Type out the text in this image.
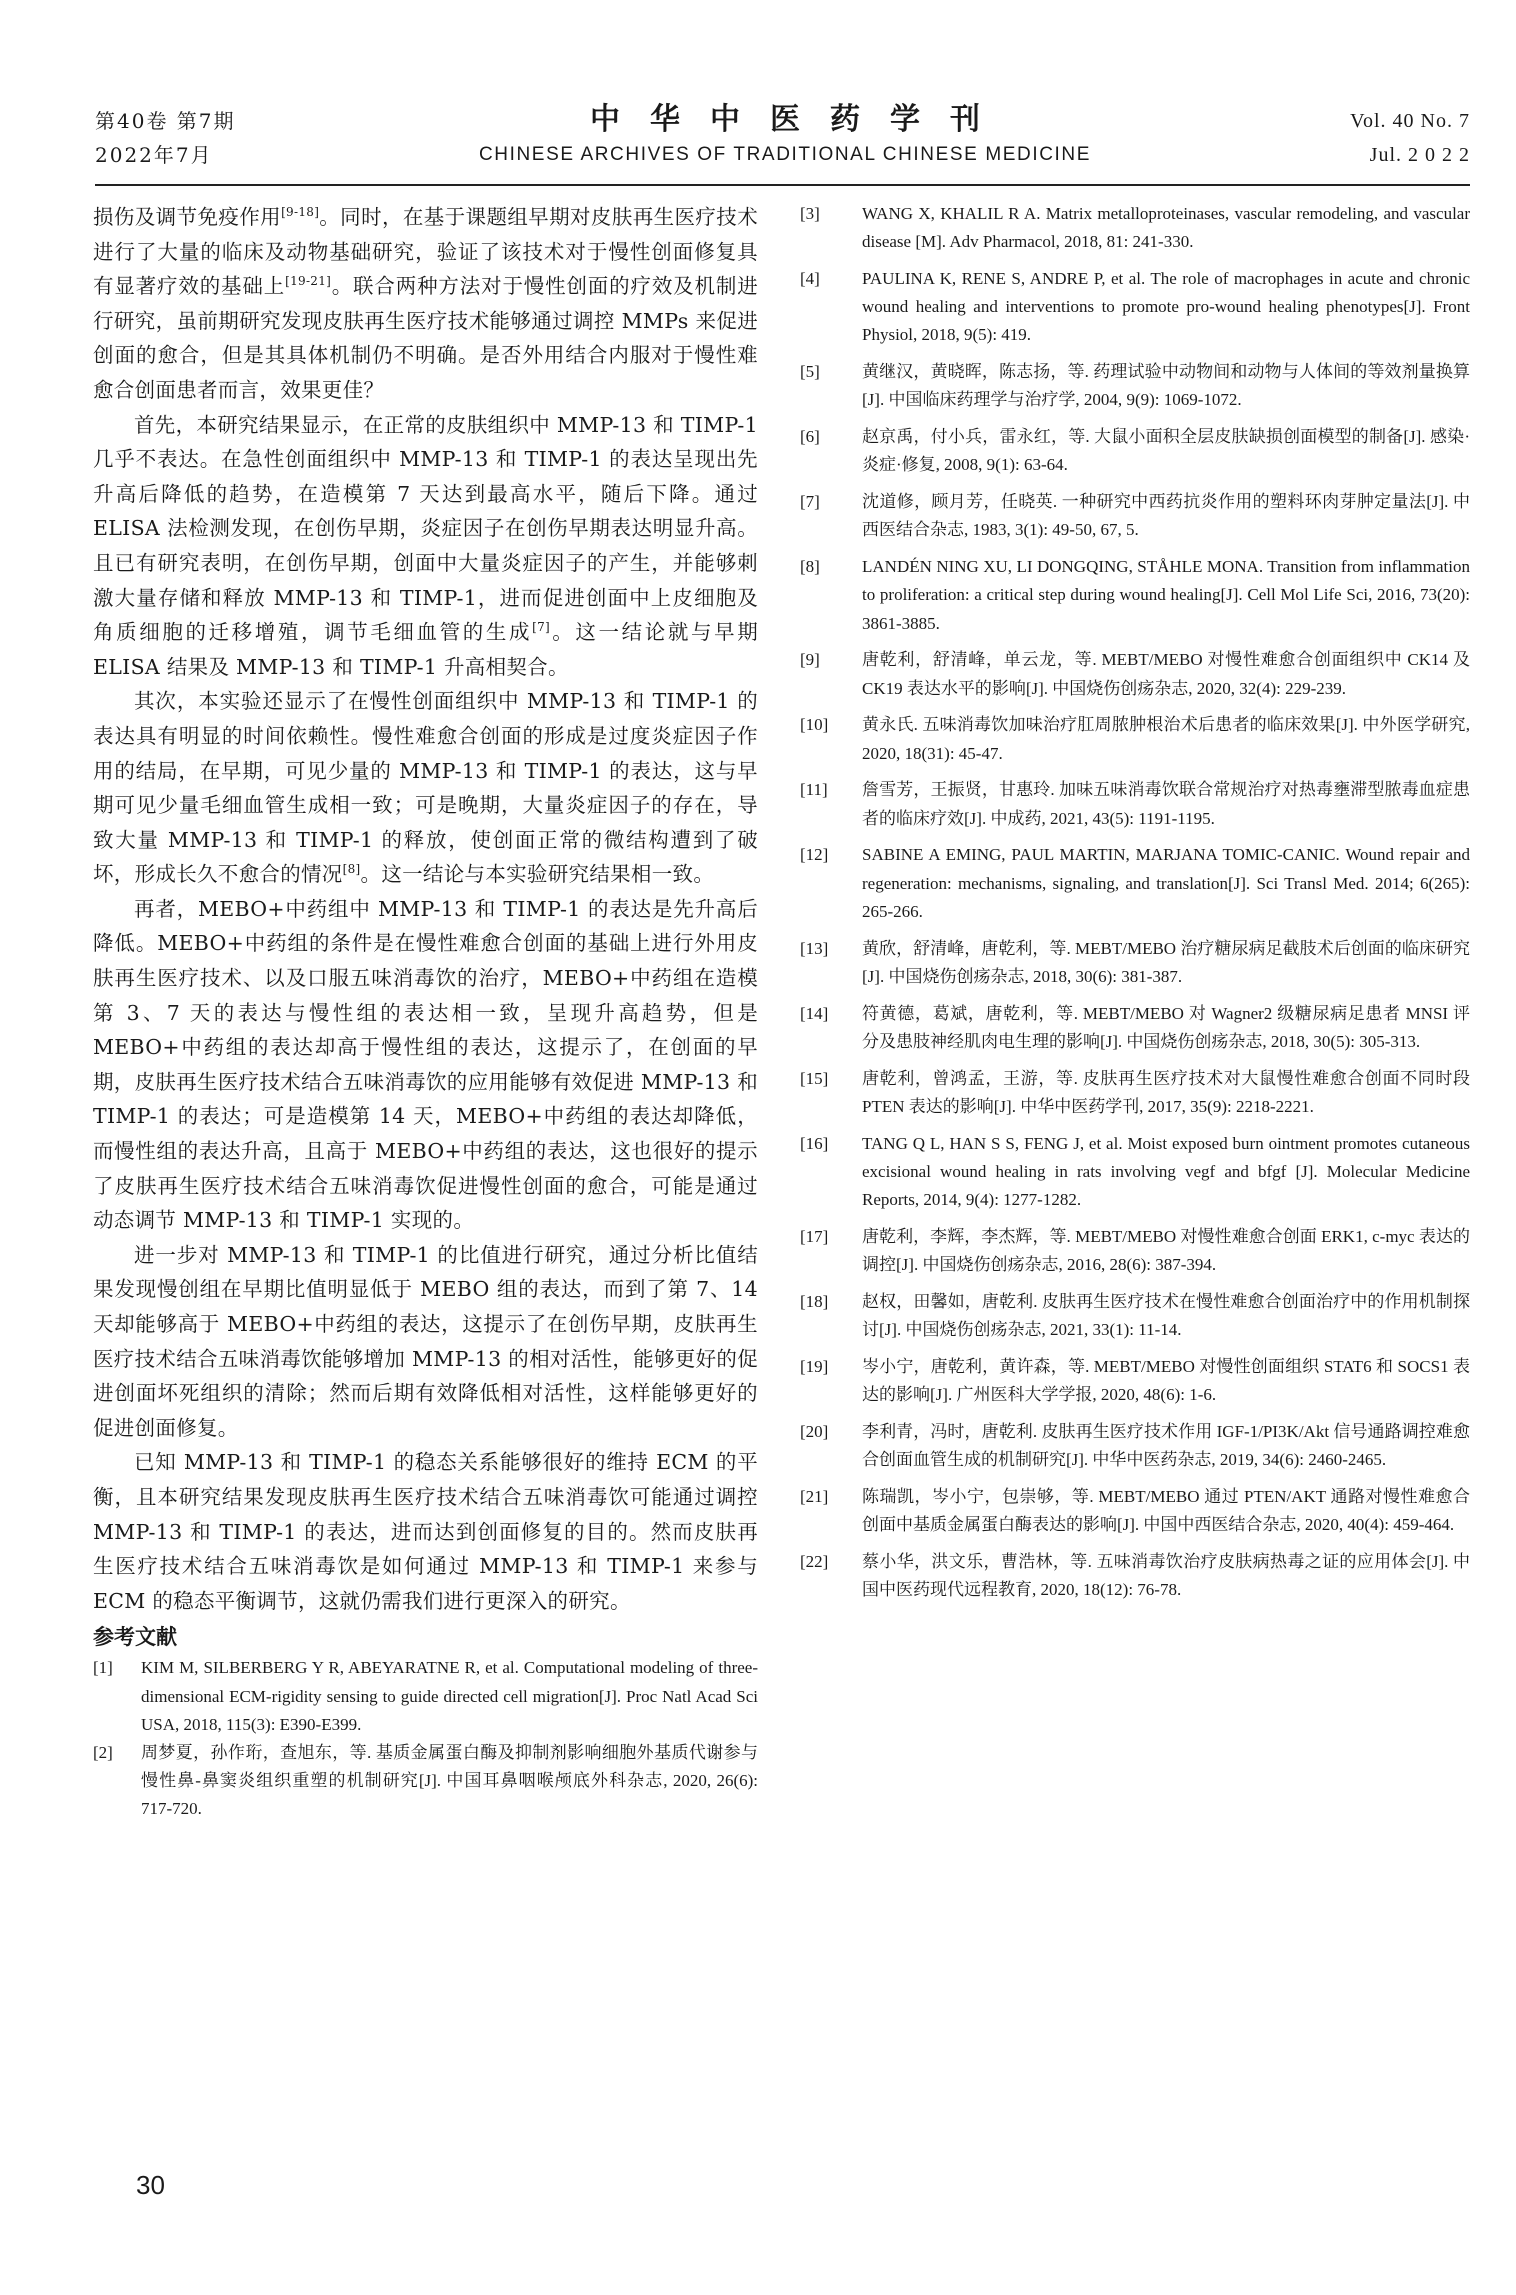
第40卷 第7期
2022年7月
中华中医药学刊
CHINESE ARCHIVES OF TRADITIONAL CHINESE MEDICINE
Vol. 40 No. 7
Jul. 2 0 2 2

损伤及调节免疫作用[9-18]。同时，在基于课题组早期对皮肤再生医疗技术进行了大量的临床及动物基础研究，验证了该技术对于慢性创面修复具有显著疗效的基础上[19-21]。联合两种方法对于慢性创面的疗效及机制进行研究，虽前期研究发现皮肤再生医疗技术能够通过调控 MMPs 来促进创面的愈合，但是其具体机制仍不明确。是否外用结合内服对于慢性难愈合创面患者而言，效果更佳？

首先，本研究结果显示，在正常的皮肤组织中 MMP-13 和 TIMP-1 几乎不表达。在急性创面组织中 MMP-13 和 TIMP-1 的表达呈现出先升高后降低的趋势，在造模第 7 天达到最高水平，随后下降。通过 ELISA 法检测发现，在创伤早期，炎症因子在创伤早期表达明显升高。且已有研究表明，在创伤早期，创面中大量炎症因子的产生，并能够刺激大量存储和释放 MMP-13 和 TIMP-1，进而促进创面中上皮细胞及角质细胞的迁移增殖，调节毛细血管的生成[7]。这一结论就与早期 ELISA 结果及 MMP-13 和 TIMP-1 升高相契合。

其次，本实验还显示了在慢性创面组织中 MMP-13 和 TIMP-1 的表达具有明显的时间依赖性。慢性难愈合创面的形成是过度炎症因子作用的结局，在早期，可见少量的 MMP-13 和 TIMP-1 的表达，这与早期可见少量毛细血管生成相一致；可是晚期，大量炎症因子的存在，导致大量 MMP-13 和 TIMP-1 的释放，使创面正常的微结构遭到了破坏，形成长久不愈合的情况[8]。这一结论与本实验研究结果相一致。

再者，MEBO+中药组中 MMP-13 和 TIMP-1 的表达是先升高后降低。MEBO+中药组的条件是在慢性难愈合创面的基础上进行外用皮肤再生医疗技术、以及口服五味消毒饮的治疗，MEBO+中药组在造模第 3、7 天的表达与慢性组的表达相一致，呈现升高趋势，但是 MEBO+中药组的表达却高于慢性组的表达，这提示了，在创面的早期，皮肤再生医疗技术结合五味消毒饮的应用能够有效促进 MMP-13 和 TIMP-1 的表达；可是造模第 14 天，MEBO+中药组的表达却降低，而慢性组的表达升高，且高于 MEBO+中药组的表达，这也很好的提示了皮肤再生医疗技术结合五味消毒饮促进慢性创面的愈合，可能是通过动态调节 MMP-13 和 TIMP-1 实现的。

进一步对 MMP-13 和 TIMP-1 的比值进行研究，通过分析比值结果发现慢创组在早期比值明显低于 MEBO 组的表达，而到了第 7、14 天却能够高于 MEBO+中药组的表达，这提示了在创伤早期，皮肤再生医疗技术结合五味消毒饮能够增加 MMP-13 的相对活性，能够更好的促进创面坏死组织的清除；然而后期有效降低相对活性，这样能够更好的促进创面修复。

已知 MMP-13 和 TIMP-1 的稳态关系能够很好的维持 ECM 的平衡，且本研究结果发现皮肤再生医疗技术结合五味消毒饮可能通过调控 MMP-13 和 TIMP-1 的表达，进而达到创面修复的目的。然而皮肤再生医疗技术结合五味消毒饮是如何通过 MMP-13 和 TIMP-1 来参与 ECM 的稳态平衡调节，这就仍需我们进行更深入的研究。

参考文献
[1]	KIM M, SILBERBERG Y R, ABEYARATNE R, et al. Computational modeling of three-dimensional ECM-rigidity sensing to guide directed cell migration[J]. Proc Natl Acad Sci USA, 2018, 115(3): E390-E399.
[2]	周梦夏，孙作珩，查旭东，等. 基质金属蛋白酶及抑制剂影响细胞外基质代谢参与慢性鼻-鼻窦炎组织重塑的机制研究[J]. 中国耳鼻咽喉颅底外科杂志, 2020, 26(6): 717-720.
[3]	WANG X, KHALIL R A. Matrix metalloproteinases, vascular remodeling, and vascular disease [M]. Adv Pharmacol, 2018, 81: 241-330.
[4]	PAULINA K, RENE S, ANDRE P, et al. The role of macrophages in acute and chronic wound healing and interventions to promote pro-wound healing phenotypes[J]. Front Physiol, 2018, 9(5): 419.
[5]	黄继汉，黄晓晖，陈志扬，等. 药理试验中动物间和动物与人体间的等效剂量换算[J]. 中国临床药理学与治疗学, 2004, 9(9): 1069-1072.
[6]	赵京禹，付小兵，雷永红，等. 大鼠小面积全层皮肤缺损创面模型的制备[J]. 感染·炎症·修复, 2008, 9(1): 63-64.
[7]	沈道修，顾月芳，任晓英. 一种研究中西药抗炎作用的塑料环肉芽肿定量法[J]. 中西医结合杂志, 1983, 3(1): 49-50, 67, 5.
[8]	LANDÉN NING XU, LI DONGQING, STÅHLE MONA. Transition from inflammation to proliferation: a critical step during wound healing[J]. Cell Mol Life Sci, 2016, 73(20): 3861-3885.
[9]	唐乾利，舒清峰，单云龙，等. MEBT/MEBO 对慢性难愈合创面组织中 CK14 及 CK19 表达水平的影响[J]. 中国烧伤创疡杂志, 2020, 32(4): 229-239.
[10]	黄永氏. 五味消毒饮加味治疗肛周脓肿根治术后患者的临床效果[J]. 中外医学研究, 2020, 18(31): 45-47.
[11]	詹雪芳，王振贤，甘惠玲. 加味五味消毒饮联合常规治疗对热毒壅滞型脓毒血症患者的临床疗效[J]. 中成药, 2021, 43(5): 1191-1195.
[12]	SABINE A EMING, PAUL MARTIN, MARJANA TOMIC-CANIC. Wound repair and regeneration: mechanisms, signaling, and translation[J]. Sci Transl Med. 2014; 6(265): 265-266.
[13]	黄欣，舒清峰，唐乾利，等. MEBT/MEBO 治疗糖尿病足截肢术后创面的临床研究[J]. 中国烧伤创疡杂志, 2018, 30(6): 381-387.
[14]	符黄德，葛斌，唐乾利，等. MEBT/MEBO 对 Wagner2 级糖尿病足患者 MNSI 评分及患肢神经肌肉电生理的影响[J]. 中国烧伤创疡杂志, 2018, 30(5): 305-313.
[15]	唐乾利，曾鸿孟，王游，等. 皮肤再生医疗技术对大鼠慢性难愈合创面不同时段 PTEN 表达的影响[J]. 中华中医药学刊, 2017, 35(9): 2218-2221.
[16]	TANG Q L, HAN S S, FENG J, et al. Moist exposed burn ointment promotes cutaneous excisional wound healing in rats involving vegf and bfgf [J]. Molecular Medicine Reports, 2014, 9(4): 1277-1282.
[17]	唐乾利，李辉，李杰辉，等. MEBT/MEBO 对慢性难愈合创面 ERK1, c-myc 表达的调控[J]. 中国烧伤创疡杂志, 2016, 28(6): 387-394.
[18]	赵权，田馨如，唐乾利. 皮肤再生医疗技术在慢性难愈合创面治疗中的作用机制探讨[J]. 中国烧伤创疡杂志, 2021, 33(1): 11-14.
[19]	岑小宁，唐乾利，黄许森，等. MEBT/MEBO 对慢性创面组织 STAT6 和 SOCS1 表达的影响[J]. 广州医科大学学报, 2020, 48(6): 1-6.
[20]	李利青，冯时，唐乾利. 皮肤再生医疗技术作用 IGF-1/PI3K/Akt 信号通路调控难愈合创面血管生成的机制研究[J]. 中华中医药杂志, 2019, 34(6): 2460-2465.
[21]	陈瑞凯，岑小宁，包崇够，等. MEBT/MEBO 通过 PTEN/AKT 通路对慢性难愈合创面中基质金属蛋白酶表达的影响[J]. 中国中西医结合杂志, 2020, 40(4): 459-464.
[22]	蔡小华，洪文乐，曹浩林，等. 五味消毒饮治疗皮肤病热毒之证的应用体会[J]. 中国中医药现代远程教育, 2020, 18(12): 76-78.
30
